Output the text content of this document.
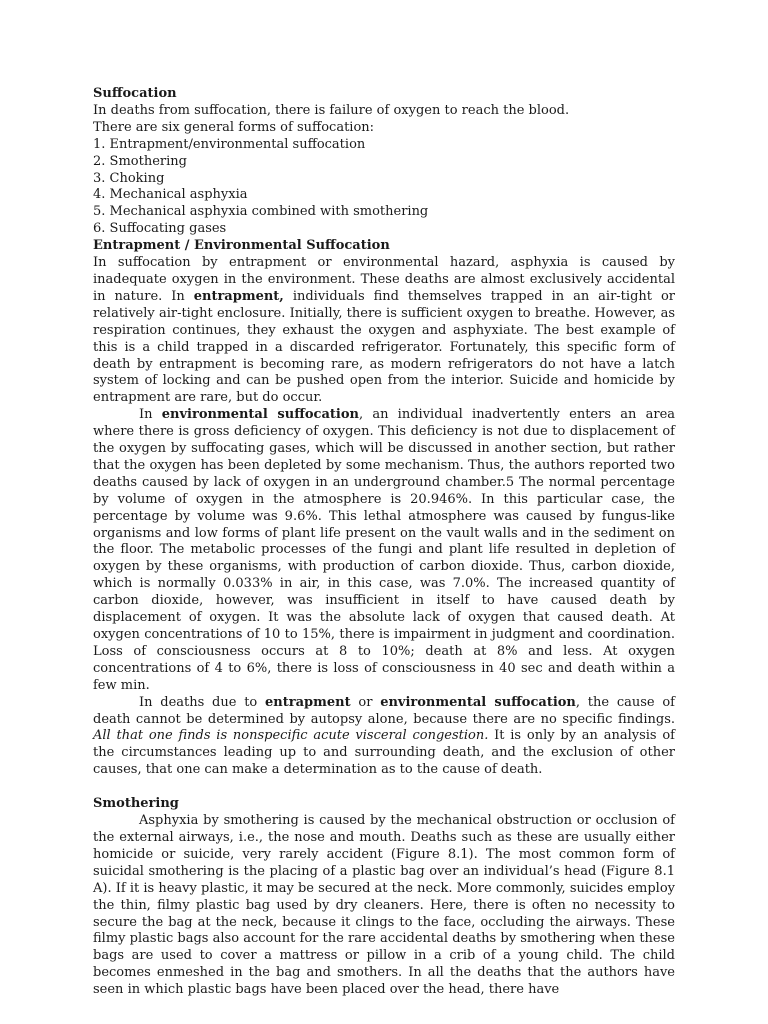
Suffocation

In deaths from suffocation, there is failure of oxygen to reach the blood.

There are six general forms of suffocation:

1. Entrapment/environmental suffocation
2. Smothering
3. Choking
4. Mechanical asphyxia
5. Mechanical asphyxia combined with smothering
6. Suffocating gases

Entrapment / Environmental Suffocation

In suffocation by entrapment or environmental hazard, asphyxia is caused by inadequate oxygen in the environment. These deaths are almost exclusively accidental in nature. In entrapment, individuals find themselves trapped in an air-tight or relatively air-tight enclosure. Initially, there is sufficient oxygen to breathe. However, as respiration continues, they exhaust the oxygen and asphyxiate. The best example of this is a child trapped in a discarded refrigerator. Fortunately, this specific form of death by entrapment is becoming rare, as modern refrigerators do not have a latch system of locking and can be pushed open from the interior. Suicide and homicide by entrapment are rare, but do occur.

In environmental suffocation, an individual inadvertently enters an area where there is gross deficiency of oxygen. This deficiency is not due to displacement of the oxygen by suffocating gases, which will be discussed in another section, but rather that the oxygen has been depleted by some mechanism. Thus, the authors reported two deaths caused by lack of oxygen in an underground chamber.5 The normal percentage by volume of oxygen in the atmosphere is 20.946%. In this particular case, the percentage by volume was 9.6%. This lethal atmosphere was caused by fungus-like organisms and low forms of plant life present on the vault walls and in the sediment on the floor. The metabolic processes of the fungi and plant life resulted in depletion of oxygen by these organisms, with production of carbon dioxide. Thus, carbon dioxide, which is normally 0.033% in air, in this case, was 7.0%. The increased quantity of carbon dioxide, however, was insufficient in itself to have caused death by displacement of oxygen. It was the absolute lack of oxygen that caused death. At oxygen concentrations of 10 to 15%, there is impairment in judgment and coordination. Loss of consciousness occurs at 8 to 10%; death at 8% and less. At oxygen concentrations of 4 to 6%, there is loss of consciousness in 40 sec and death within a few min.

In deaths due to entrapment or environmental suffocation, the cause of death cannot be determined by autopsy alone, because there are no specific findings. All that one finds is nonspecific acute visceral congestion. It is only by an analysis of the circumstances leading up to and surrounding death, and the exclusion of other causes, that one can make a determination as to the cause of death.

Smothering

Asphyxia by smothering is caused by the mechanical obstruction or occlusion of the external airways, i.e., the nose and mouth. Deaths such as these are usually either homicide or suicide, very rarely accident (Figure 8.1). The most common form of suicidal smothering is the placing of a plastic bag over an individual’s head (Figure 8.1 A). If it is heavy plastic, it may be secured at the neck. More commonly, suicides employ the thin, filmy plastic bag used by dry cleaners. Here, there is often no necessity to secure the bag at the neck, because it clings to the face, occluding the airways. These filmy plastic bags also account for the rare accidental deaths by smothering when these bags are used to cover a mattress or pillow in a crib of a young child. The child becomes enmeshed in the bag and smothers. In all the deaths that the authors have seen in which plastic bags have been placed over the head, there have
